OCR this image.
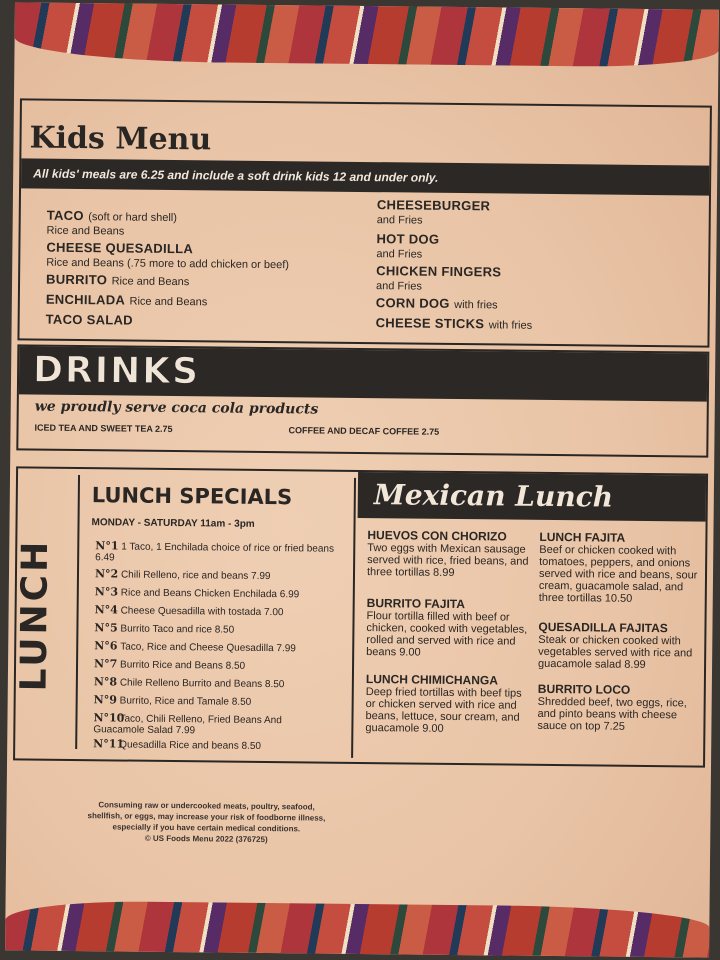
Kids Menu
All kids' meals are 6.25 and include a soft drink kids 12 and under only.
TACO (soft or hard shell)
Rice and Beans
CHEESE QUESADILLA
Rice and Beans (.75 more to add chicken or beef)
BURRITO Rice and Beans
ENCHILADA Rice and Beans
TACO SALAD
CHEESEBURGER
and Fries
HOT DOG
and Fries
CHICKEN FINGERS
and Fries
CORN DOG with fries
CHEESE STICKS with fries
DRINKS
we proudly serve coca cola products
ICED TEA AND SWEET TEA 2.75	COFFEE AND DECAF COFFEE 2.75
LUNCH
LUNCH SPECIALS
MONDAY - SATURDAY 11am - 3pm
N°1 1 Taco, 1 Enchilada choice of rice or fried beans 6.49
N°2 Chili Relleno, rice and beans 7.99
N°3 Rice and Beans Chicken Enchilada 6.99
N°4 Cheese Quesadilla with tostada 7.00
N°5 Burrito Taco and rice 8.50
N°6 Taco, Rice and Cheese Quesadilla 7.99
N°7 Burrito Rice and Beans 8.50
N°8 Chile Relleno Burrito and Beans 8.50
N°9 Burrito, Rice and Tamale 8.50
N°10Taco, Chili Relleno, Fried Beans And Guacamole Salad 7.99
N°11Quesadilla Rice and beans 8.50
Mexican Lunch
HUEVOS CON CHORIZO
Two eggs with Mexican sausage served with rice, fried beans, and three tortillas 8.99
BURRITO FAJITA
Flour tortilla filled with beef or chicken, cooked with vegetables, rolled and served with rice and beans 9.00
LUNCH CHIMICHANGA
Deep fried tortillas with beef tips or chicken served with rice and beans, lettuce, sour cream, and guacamole 9.00
LUNCH FAJITA
Beef or chicken cooked with tomatoes, peppers, and onions served with rice and beans, sour cream, guacamole salad, and three tortillas 10.50
QUESADILLA FAJITAS
Steak or chicken cooked with vegetables served with rice and guacamole salad 8.99
BURRITO LOCO
Shredded beef, two eggs, rice, and pinto beans with cheese sauce on top 7.25
Consuming raw or undercooked meats, poultry, seafood,
shellfish, or eggs, may increase your risk of foodborne illness,
especially if you have certain medical conditions.
© US Foods Menu 2022 (376725)
